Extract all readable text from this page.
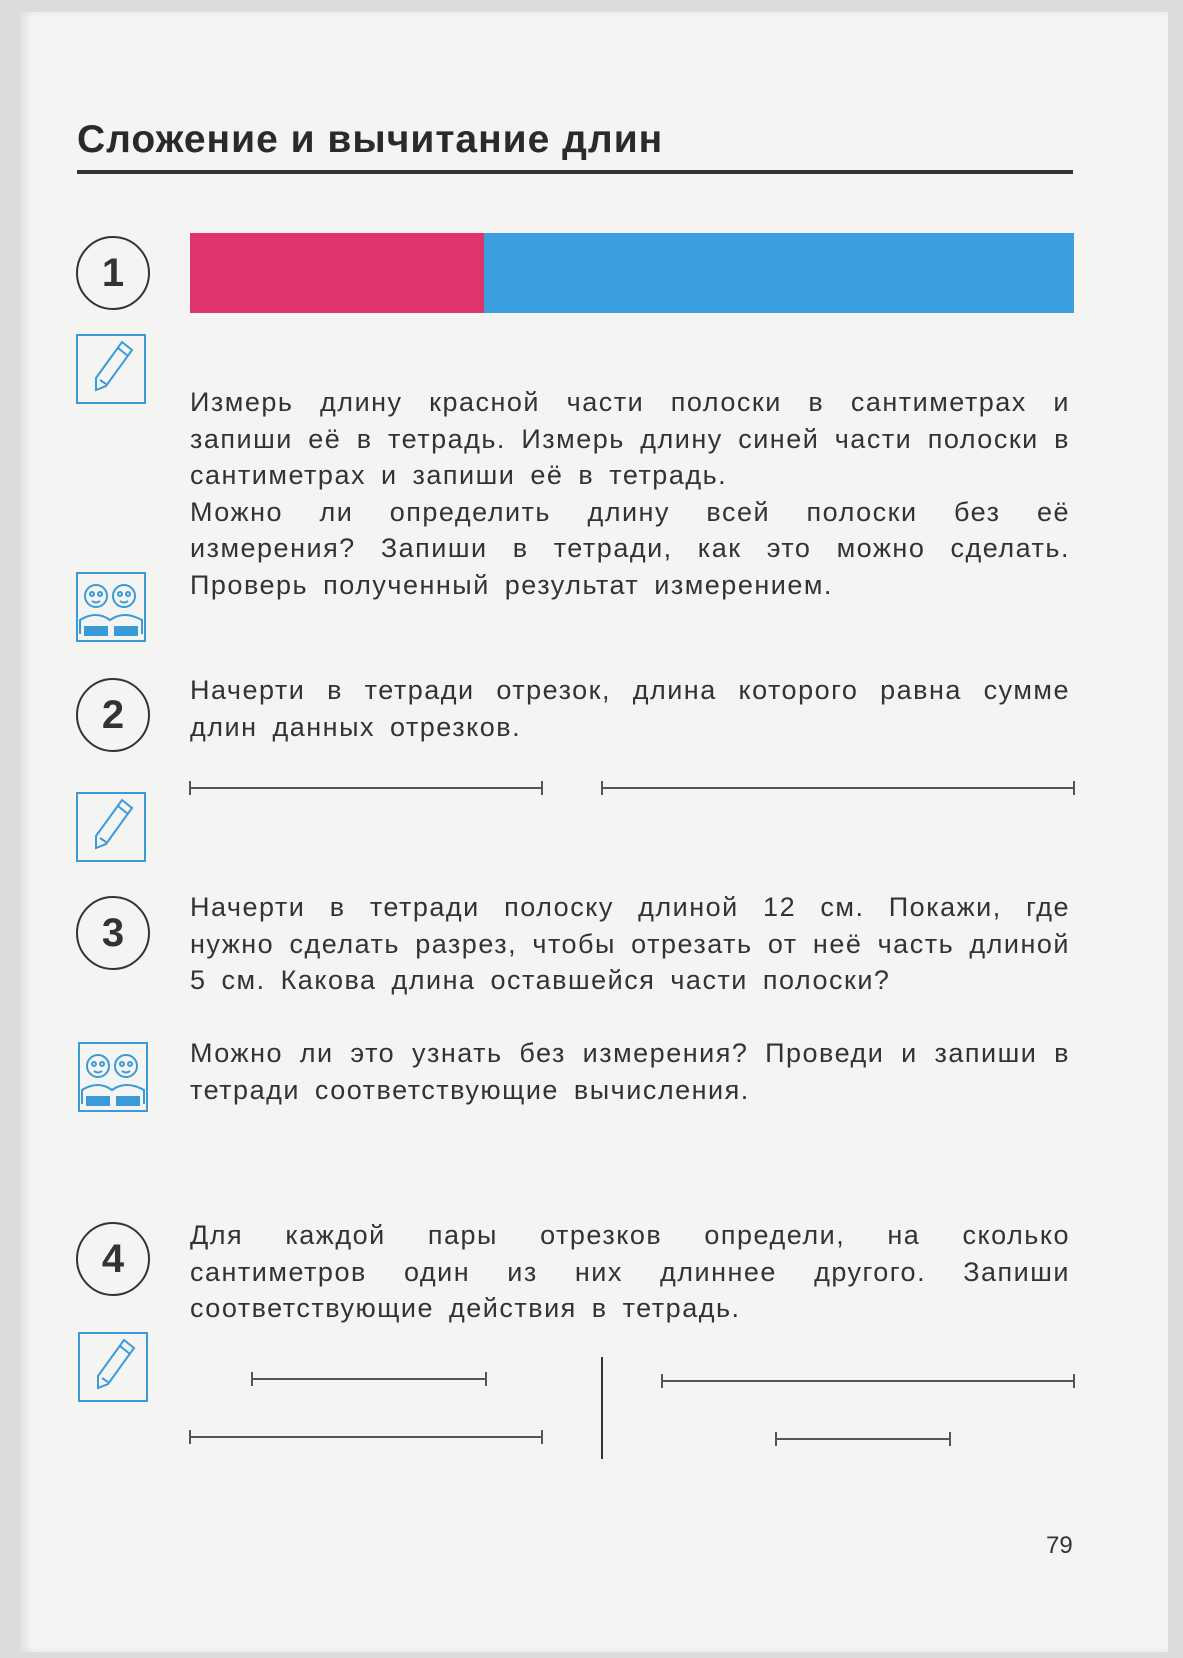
Сложение и вычитание длин
1

Измерь длину красной части полоски в сантиметрах и запиши её в тетрадь. Измерь длину синей части полоски в сантиметрах и запиши её в тетрадь.

Можно ли определить длину всей полоски без её измерения? Запиши в тетради, как это можно сделать. Проверь полученный результат измерением.

2

Начерти в тетради отрезок, длина которого равна сумме длин данных отрезков.

3

Начерти в тетради полоску длиной 12 см. Покажи, где нужно сделать разрез, чтобы отрезать от неё часть длиной 5 см. Какова длина оставшейся части полоски?

Можно ли это узнать без измерения? Проведи и запиши в тетради соответствующие вычисления.

4

Для каждой пары отрезков определи, на сколько сантиметров один из них длиннее другого. Запиши соответствующие действия в тетрадь.

79
